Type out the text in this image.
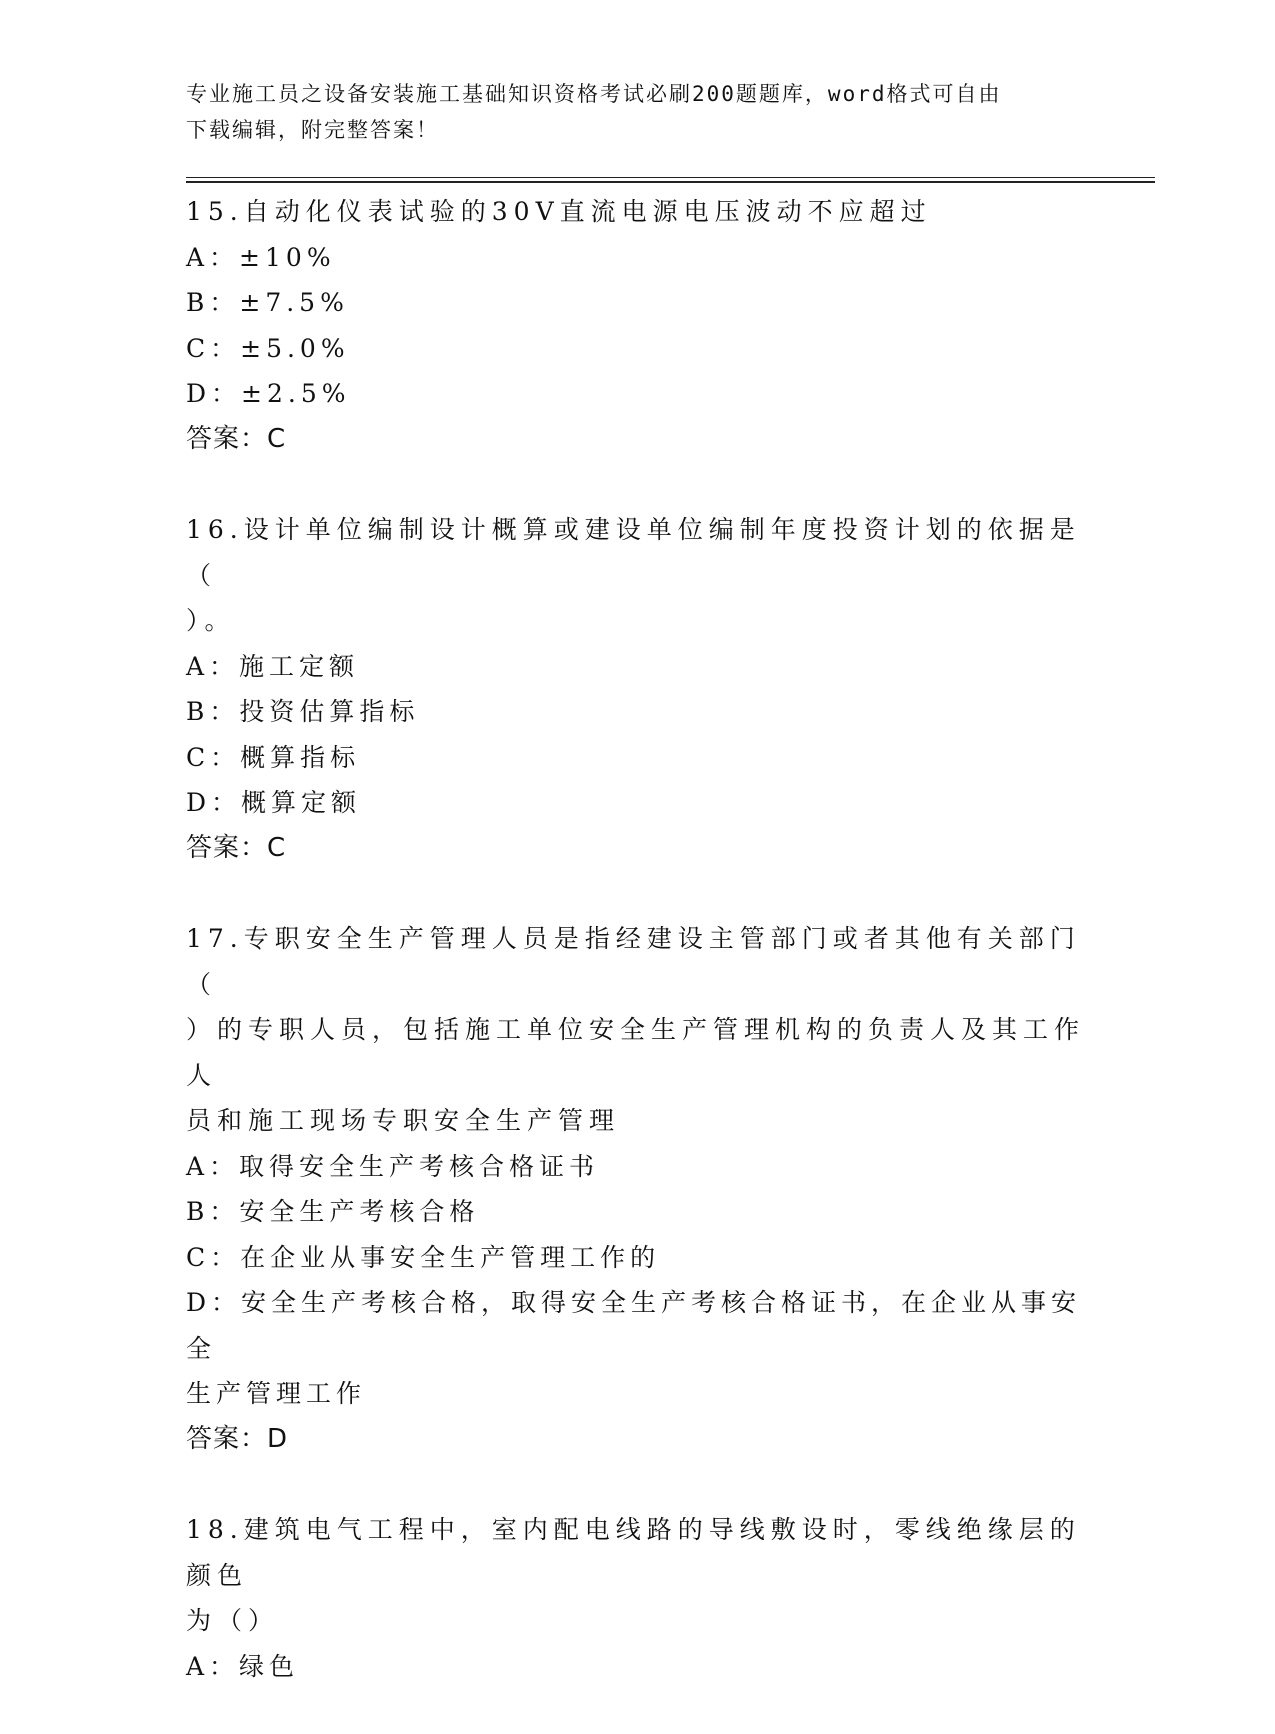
专业施工员之设备安装施工基础知识资格考试必刷200题题库，word格式可自由
下载编辑，附完整答案！
15.自动化仪表试验的30V直流电源电压波动不应超过
A：±10%
B：±7.5%
C：±5.0%
D：±2.5%
答案：C
16.设计单位编制设计概算或建设单位编制年度投资计划的依据是（
）。
A：施工定额
B：投资估算指标
C：概算指标
D：概算定额
答案：C
17.专职安全生产管理人员是指经建设主管部门或者其他有关部门（
）的专职人员，包括施工单位安全生产管理机构的负责人及其工作人
员和施工现场专职安全生产管理
A：取得安全生产考核合格证书
B：安全生产考核合格
C：在企业从事安全生产管理工作的
D：安全生产考核合格，取得安全生产考核合格证书，在企业从事安全
生产管理工作
答案：D
18.建筑电气工程中，室内配电线路的导线敷设时，零线绝缘层的颜色
为（）
A：绿色
